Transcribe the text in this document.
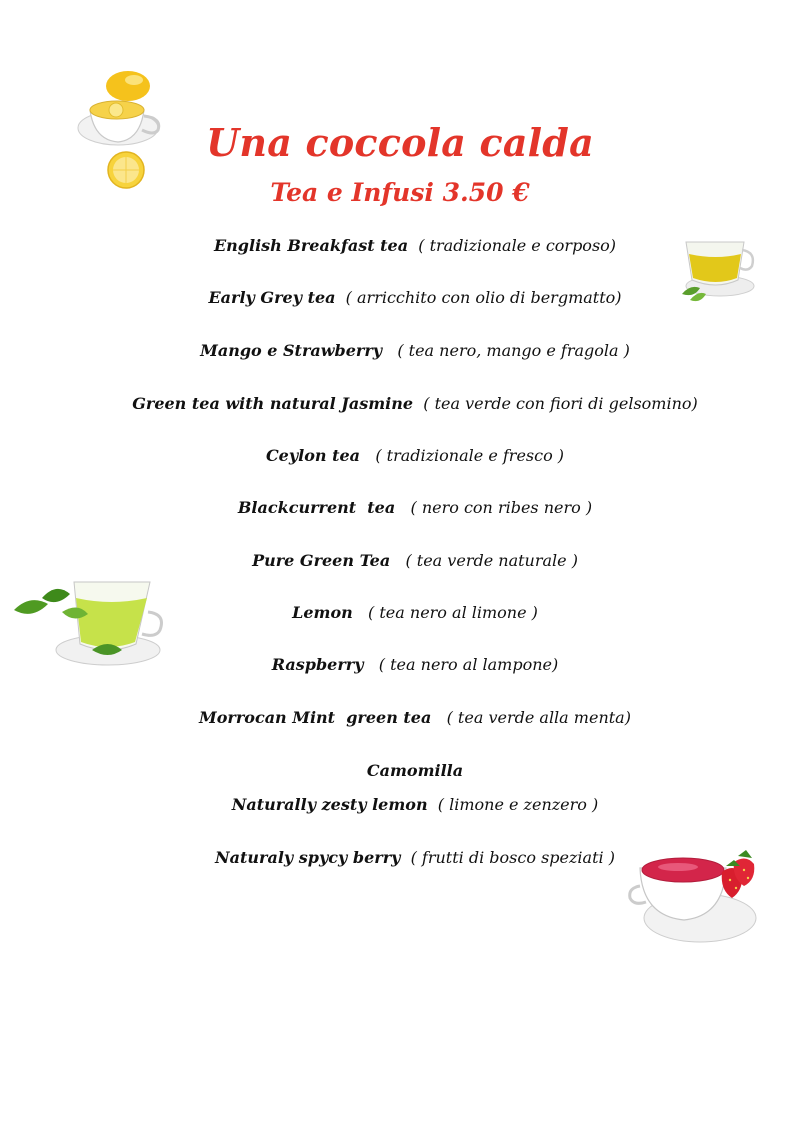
Una coccola calda
Tea e Infusi 3.50 €
English Breakfast tea ( tradizionale e corposo)
Early Grey tea ( arricchito con olio di bergmatto)
Mango e Strawberry ( tea nero, mango e fragola )
Green tea with natural Jasmine ( tea verde con fiori di gelsomino)
Ceylon tea ( tradizionale e fresco )
Blackcurrent  tea ( nero con ribes nero )
Pure Green Tea ( tea verde naturale )
Lemon ( tea nero al limone )
Raspberry ( tea nero al lampone)
Morrocan Mint  green tea ( tea verde alla menta)
Camomilla
Naturally zesty lemon ( limone e zenzero )
Naturaly spycy berry ( frutti di bosco speziati )
